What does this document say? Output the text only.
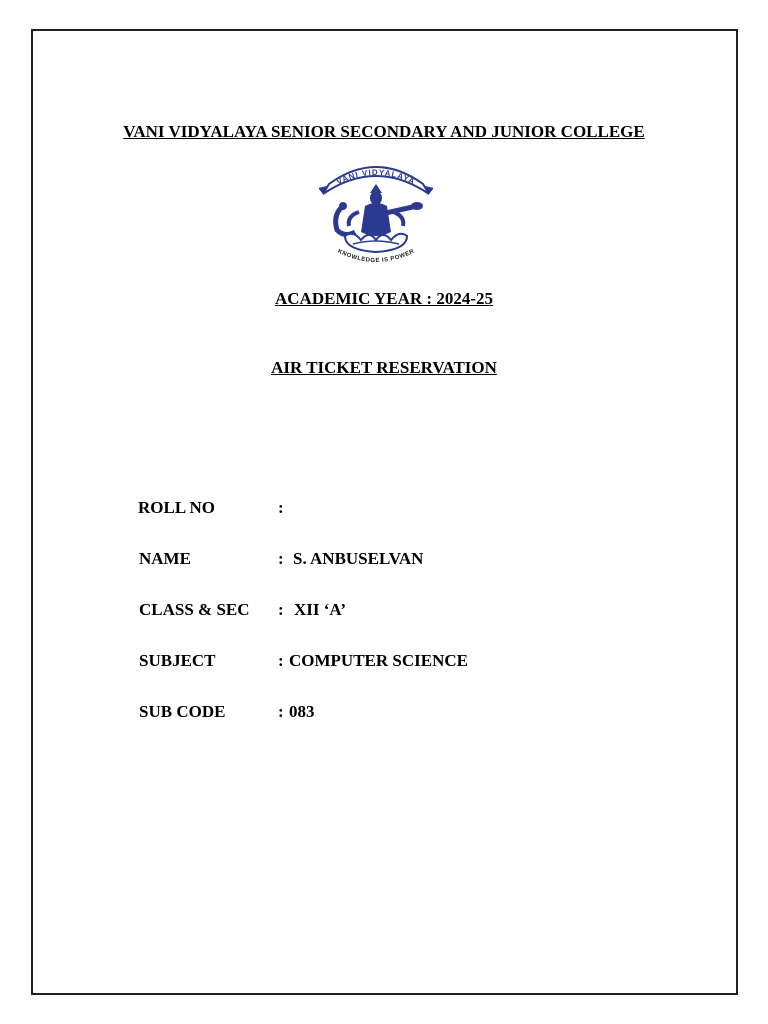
VANI VIDYALAYA SENIOR SECONDARY AND JUNIOR COLLEGE
VANI VIDYALAYA
KNOWLEDGE IS POWER
ACADEMIC YEAR : 2024-25
AIR TICKET RESERVATION
ROLL NO	:
NAME	: S. ANBUSELVAN
CLASS & SEC : XII ‘A’
SUBJECT	: COMPUTER SCIENCE
SUB CODE	: 083
